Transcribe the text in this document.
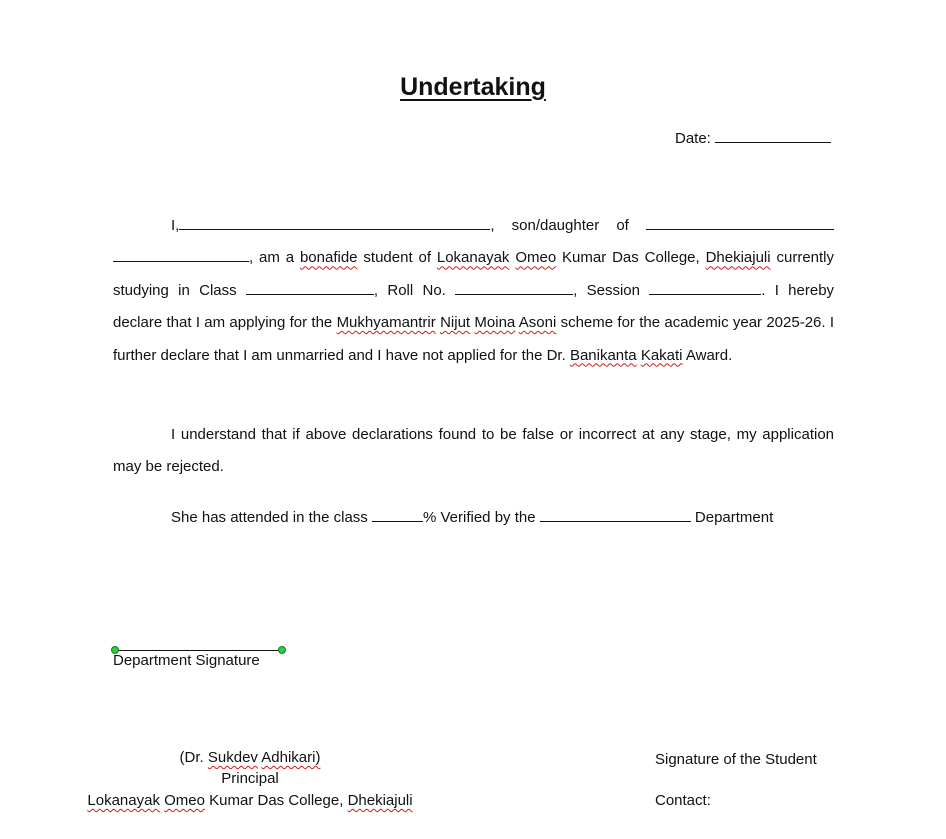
Undertaking
Date:
I,	, son/daughter of  , am a bonafide student of Lokanayak Omeo Kumar Das College, Dhekiajuli currently studying in Class	, Roll No.	, Session	. I hereby declare that I am applying for the Mukhyamantrir Nijut Moina Asoni scheme for the academic year 2025-26. I further declare that I am unmarried and I have not applied for the Dr. Banikanta Kakati Award.
I understand that if above declarations found to be false or incorrect at any stage, my application may be rejected.
She has attended in the class	% Verified by the	Department
Department Signature
(Dr. Sukdev Adhikari)
Principal
Lokanayak Omeo Kumar Das College, Dhekiajuli
Signature of the Student
Contact:
